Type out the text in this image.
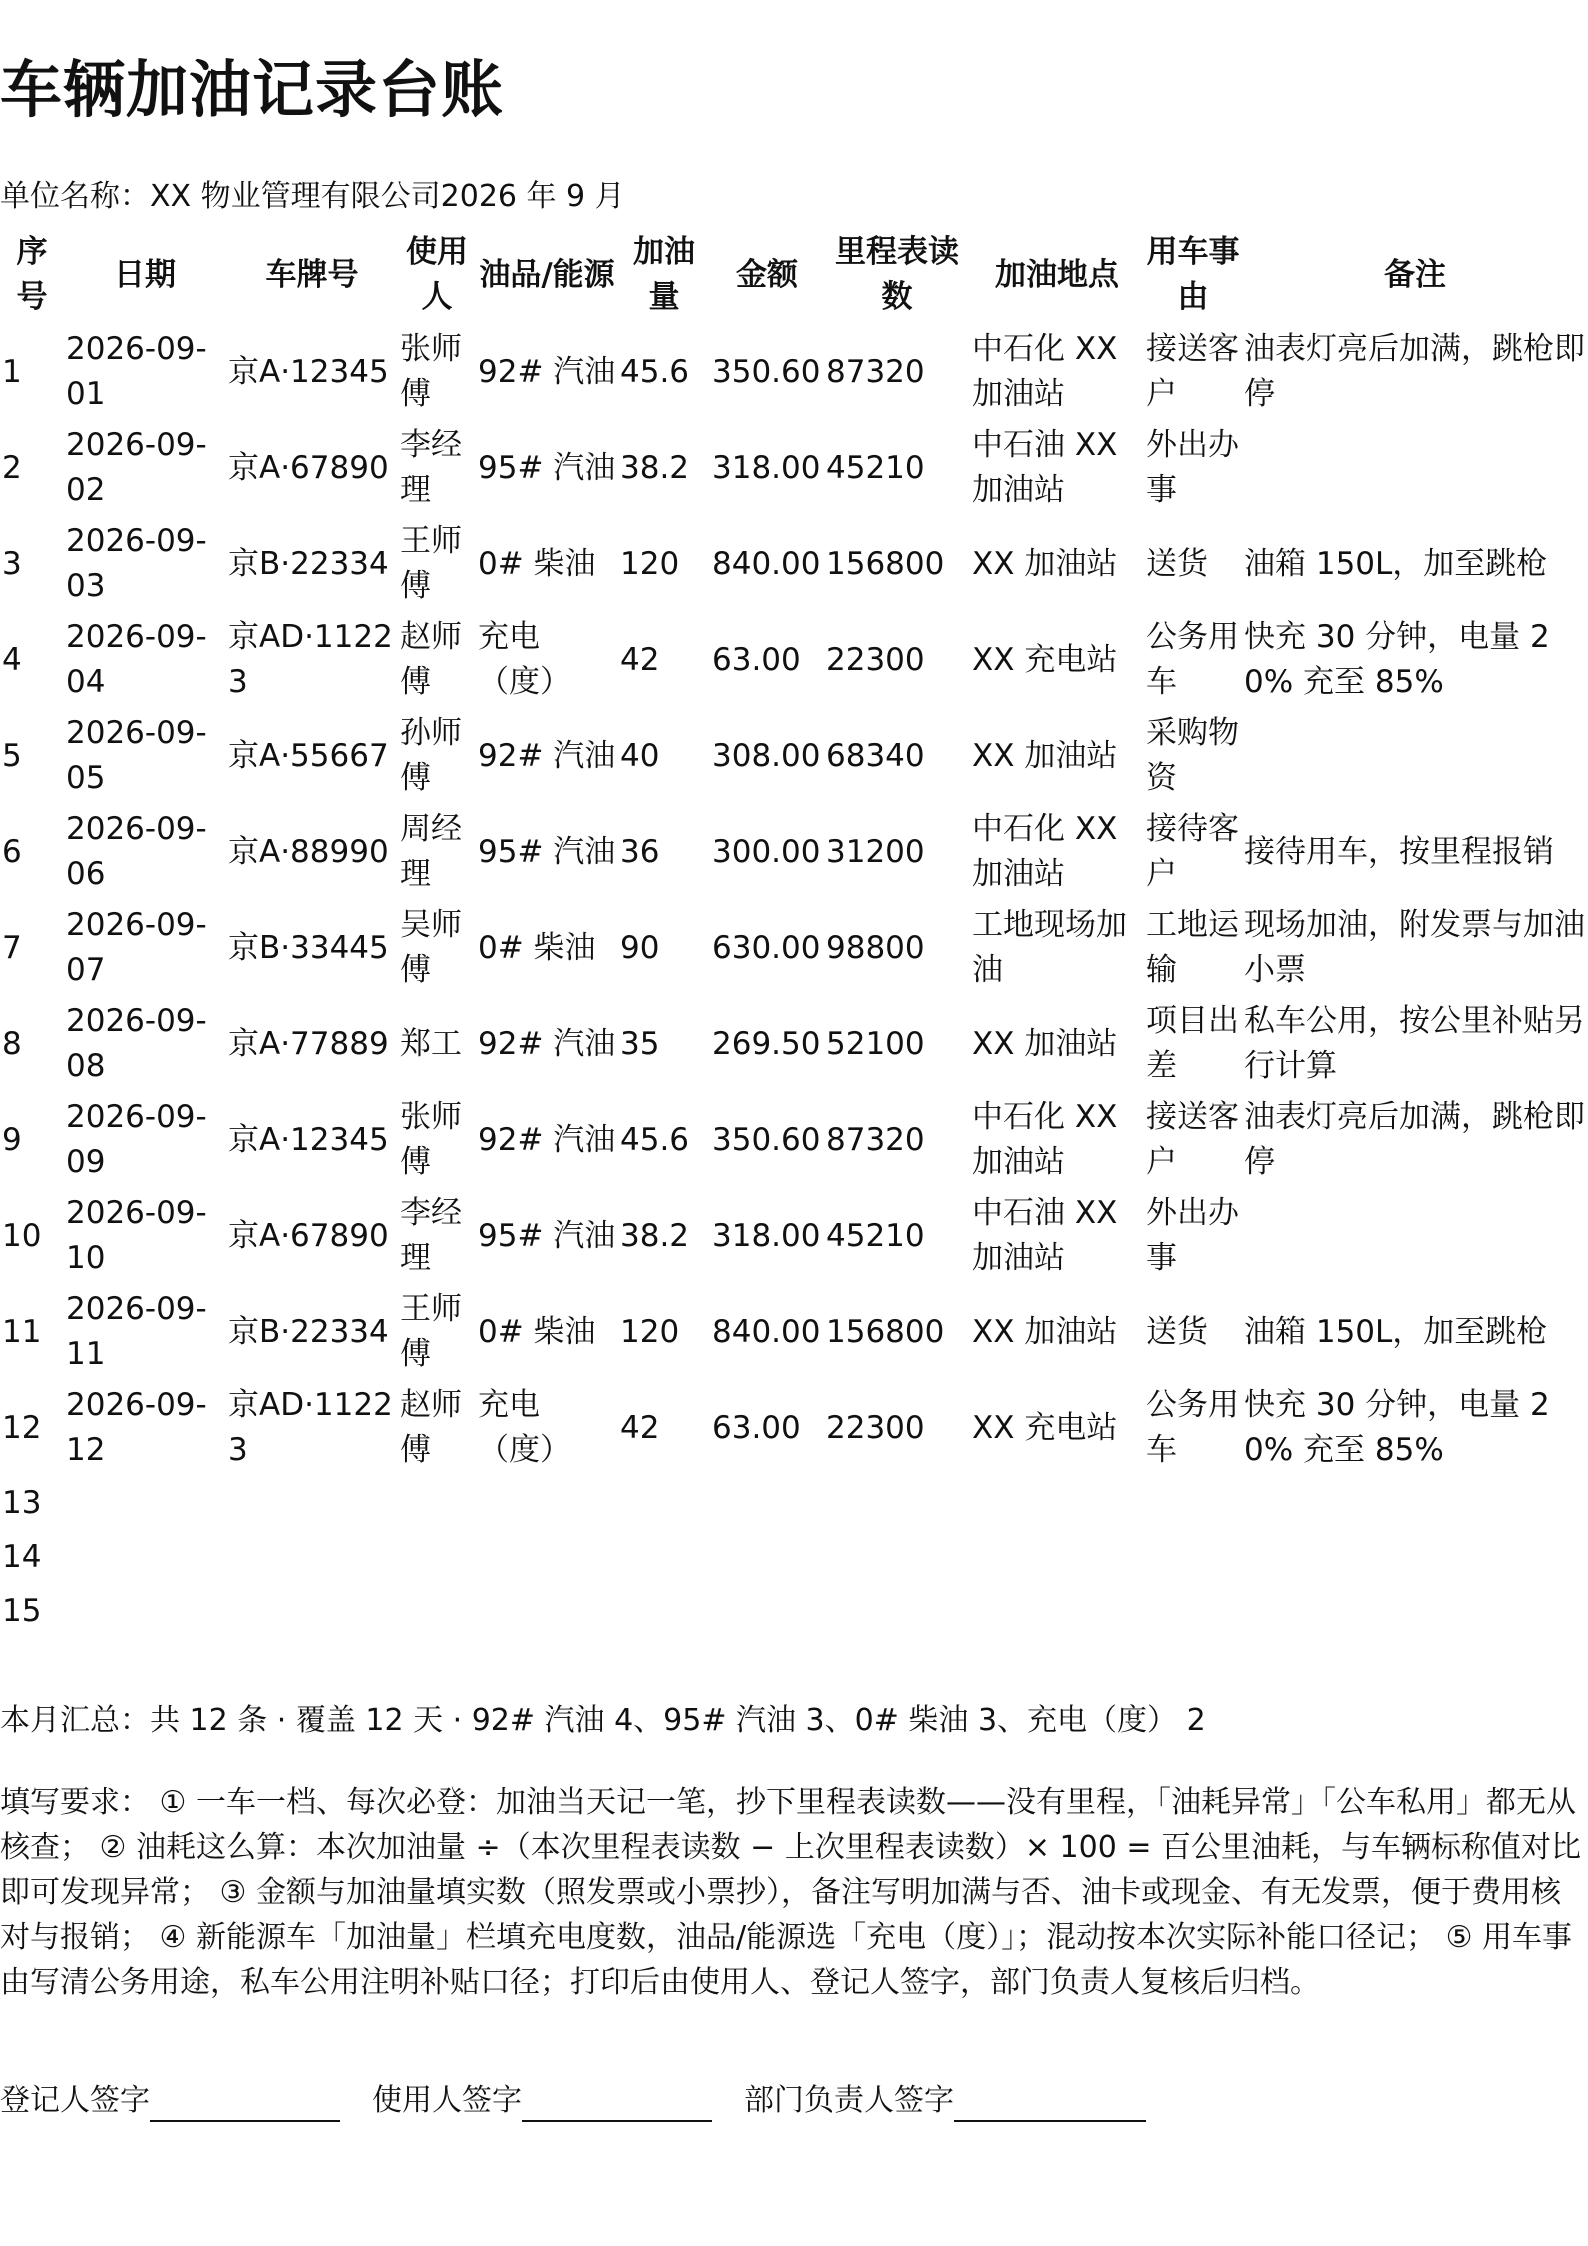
车辆加油记录台账

单位名称：XX 物业管理有限公司2026 年 9 月

序号	日期	车牌号	使用人	油品/能源	加油量	金额	里程表读数	加油地点	用车事由	备注
1	2026-09-01	京A·12345	张师傅	92# 汽油	45.6	350.60	87320	中石化 XX 加油站	接送客户	油表灯亮后加满，跳枪即停
2	2026-09-02	京A·67890	李经理	95# 汽油	38.2	318.00	45210	中石油 XX 加油站	外出办事	
3	2026-09-03	京B·22334	王师傅	0# 柴油	120	840.00	156800	XX 加油站	送货	油箱 150L，加至跳枪
4	2026-09-04	京AD·11223	赵师傅	充电（度）	42	63.00	22300	XX 充电站	公务用车	快充 30 分钟，电量 20% 充至 85%
5	2026-09-05	京A·55667	孙师傅	92# 汽油	40	308.00	68340	XX 加油站	采购物资	
6	2026-09-06	京A·88990	周经理	95# 汽油	36	300.00	31200	中石化 XX 加油站	接待客户	接待用车，按里程报销
7	2026-09-07	京B·33445	吴师傅	0# 柴油	90	630.00	98800	工地现场加油	工地运输	现场加油，附发票与加油小票
8	2026-09-08	京A·77889	郑工	92# 汽油	35	269.50	52100	XX 加油站	项目出差	私车公用，按公里补贴另行计算
9	2026-09-09	京A·12345	张师傅	92# 汽油	45.6	350.60	87320	中石化 XX 加油站	接送客户	油表灯亮后加满，跳枪即停
10	2026-09-10	京A·67890	李经理	95# 汽油	38.2	318.00	45210	中石油 XX 加油站	外出办事	
11	2026-09-11	京B·22334	王师傅	0# 柴油	120	840.00	156800	XX 加油站	送货	油箱 150L，加至跳枪
12	2026-09-12	京AD·11223	赵师傅	充电（度）	42	63.00	22300	XX 充电站	公务用车	快充 30 分钟，电量 20% 充至 85%
13										
14										
15										

本月汇总：共 12 条 · 覆盖 12 天 · 92# 汽油 4、95# 汽油 3、0# 柴油 3、充电（度） 2

填写要求： ① 一车一档、每次必登：加油当天记一笔，抄下里程表读数——没有里程，「油耗异常」「公车私用」都无从核查； ② 油耗这么算：本次加油量 ÷（本次里程表读数 − 上次里程表读数）× 100 = 百公里油耗，与车辆标称值对比即可发现异常； ③ 金额与加油量填实数（照发票或小票抄），备注写明加满与否、油卡或现金、有无发票，便于费用核对与报销； ④ 新能源车「加油量」栏填充电度数，油品/能源选「充电（度）」；混动按本次实际补能口径记； ⑤ 用车事由写清公务用途，私车公用注明补贴口径；打印后由使用人、登记人签字，部门负责人复核后归档。

登记人签字	使用人签字	部门负责人签字
